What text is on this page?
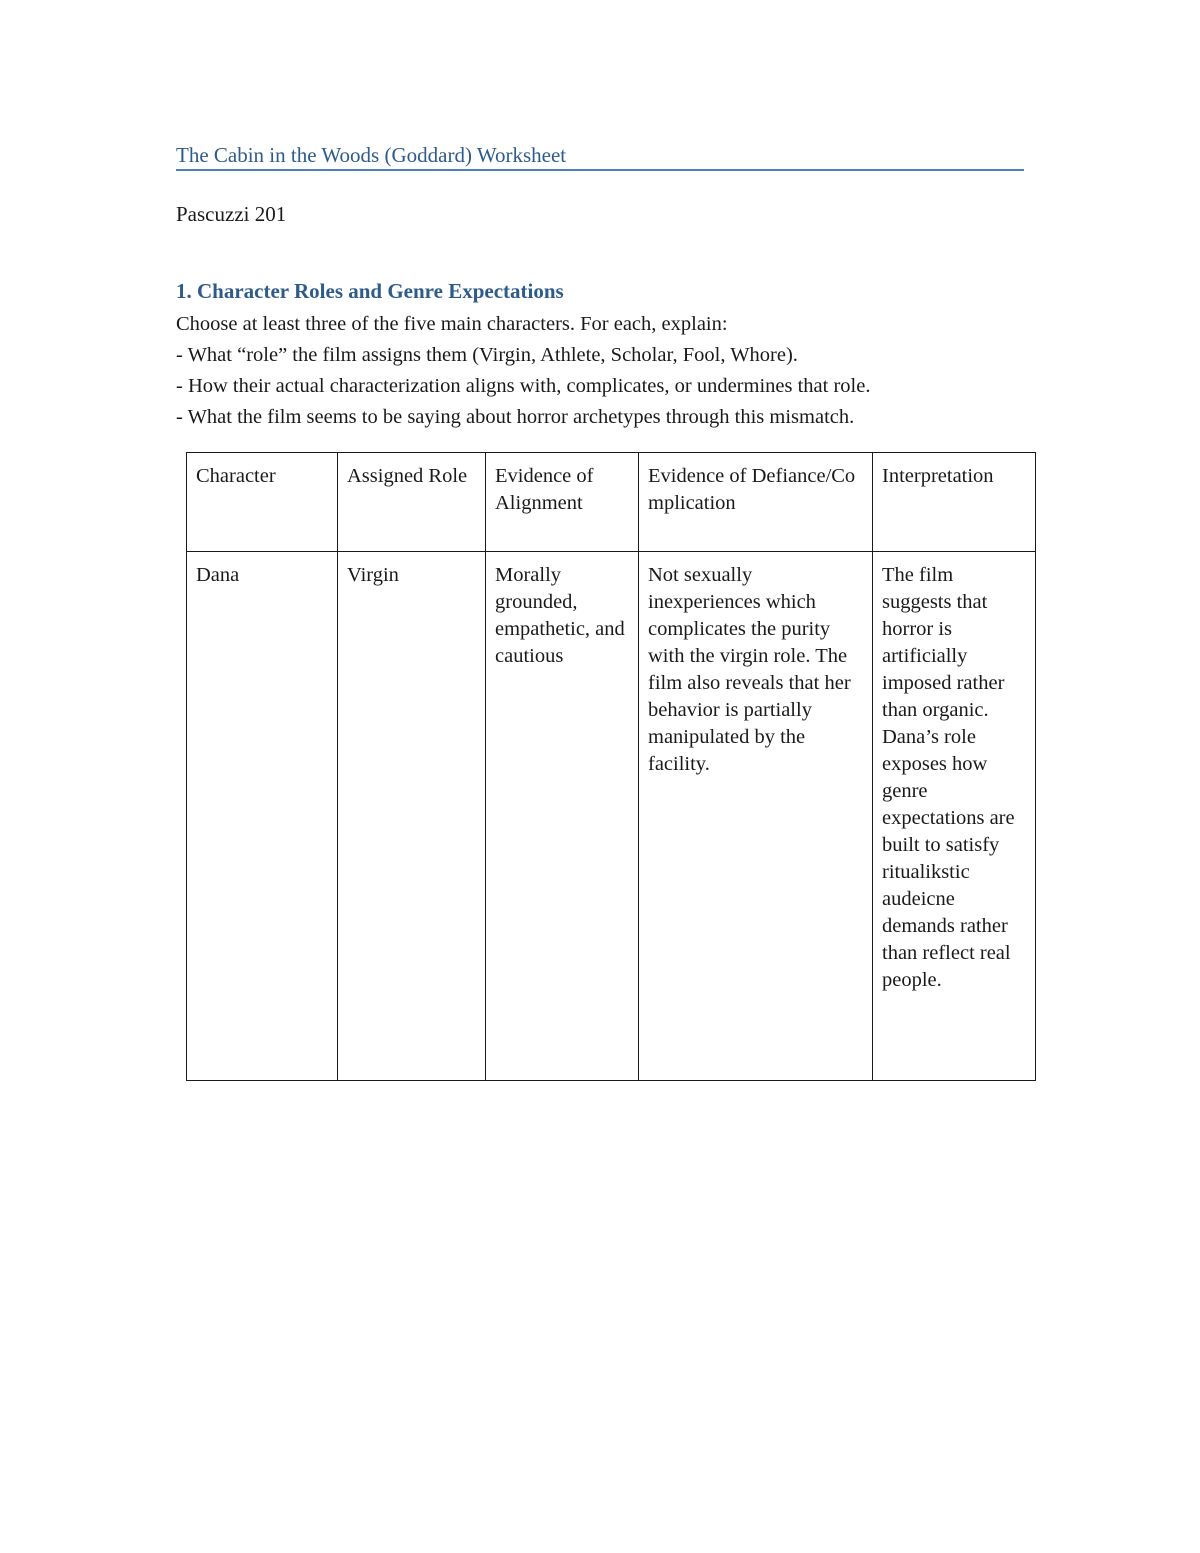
The Cabin in the Woods (Goddard) Worksheet
Pascuzzi 201
1. Character Roles and Genre Expectations
Choose at least three of the five main characters. For each, explain:
- What “role” the film assigns them (Virgin, Athlete, Scholar, Fool, Whore).
- How their actual characterization aligns with, complicates, or undermines that role.
- What the film seems to be saying about horror archetypes through this mismatch.
Character	Assigned Role	Evidence of Alignment	Evidence of Defiance/Complication	Interpretation
Dana	Virgin	Morally grounded, empathetic, and cautious	Not sexually inexperiences which complicates the purity with the virgin role. The film also reveals that her behavior is partially manipulated by the facility.	The film suggests that horror is artificially imposed rather than organic. Dana’s role exposes how genre expectations are built to satisfy ritualikstic audeicne demands rather than reflect real people.
